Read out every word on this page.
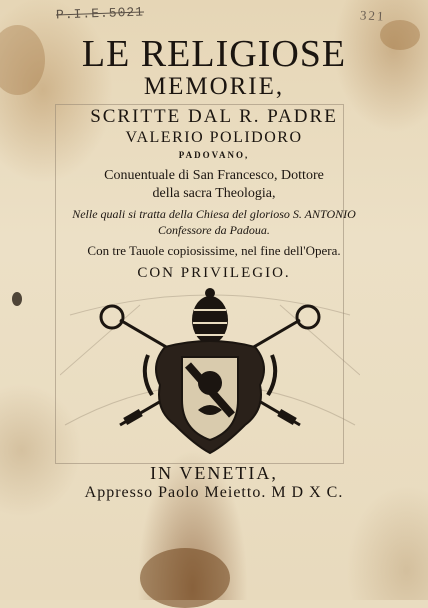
P.I.E.5021	321
LE RELIGIOSE
MEMORIE,
SCRITTE DAL R. PADRE
VALERIO POLIDORO
PADOVANO,
Conuentuale di San Francesco, Dottore
della sacra Theologia,
Nelle quali si tratta della Chiesa del glorioso S. ANTONIO
Confessore da Padoua.
Con tre Tauole copiosissime, nel fine dell'Opera.
CON PRIVILEGIO.
IN VENETIA,
Appresso Paolo Meietto. M D X C.
